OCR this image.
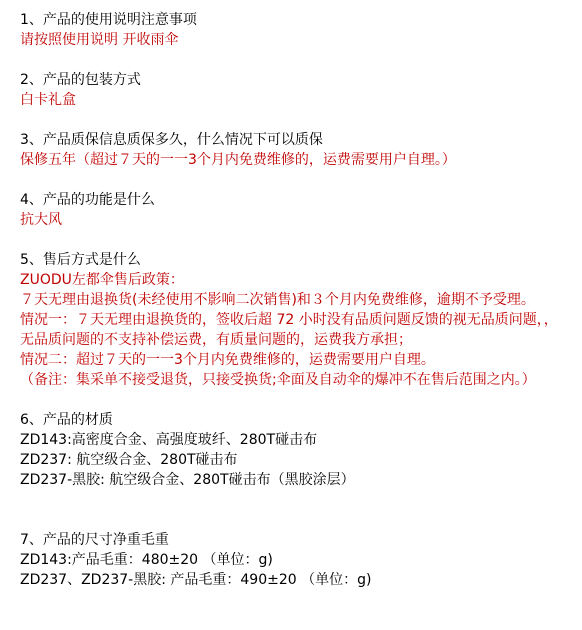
1、产品的使用说明注意事项
请按照使用说明 开收雨伞
2、产品的包装方式
白卡礼盒
3、产品质保信息质保多久，什么情况下可以质保
保修五年（超过７天的一一3个月内免费维修的，运费需要用户自理。）
4、产品的功能是什么
抗大风
5、售后方式是什么
ZUODU左都伞售后政策：
７天无理由退换货(未经使用不影响二次销售)和３个月内免费维修，逾期不予受理。
情况一：７天无理由退换货的，签收后超 72 小时没有品质问题反馈的视无品质问题，，无品质问题的不支持补偿运费，有质量问题的，运费我方承担；
情况二：超过７天的一一3个月内免费维修的，运费需要用户自理。
（备注：集采单不接受退货，只接受换货;伞面及自动伞的爆冲不在售后范围之内。）
6、产品的材质
ZD143:高密度合金、高强度玻纤、280T碰击布
ZD237: 航空级合金、280T碰击布
ZD237-黑胶: 航空级合金、280T碰击布（黑胶涂层）
7、产品的尺寸净重毛重
ZD143:产品毛重：480±20 （单位：g)
ZD237、ZD237-黑胶: 产品毛重：490±20 （单位：g)
